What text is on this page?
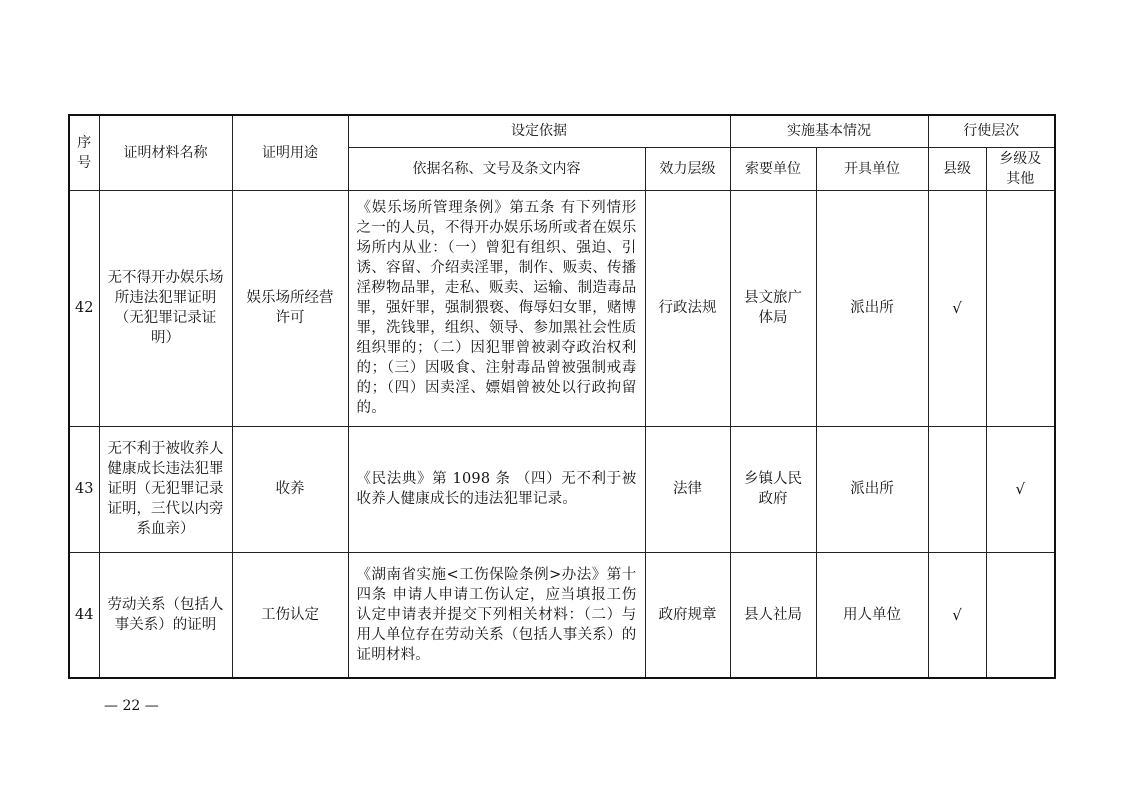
序号	证明材料名称	证明用途	设定依据		实施基本情况		行使层次	
			依据名称、文号及条文内容	效力层级	索要单位	开具单位	县级	乡级及
其他
42	无不得开办娱乐场所违法犯罪证明（无犯罪记录证明）	娱乐场所经营许可	《娱乐场所管理条例》第五条 有下列情形之一的人员，不得开办娱乐场所或者在娱乐场所内从业：（一）曾犯有组织、强迫、引诱、容留、介绍卖淫罪，制作、贩卖、传播淫秽物品罪，走私、贩卖、运输、制造毒品罪，强奸罪，强制猥亵、侮辱妇女罪，赌博罪，洗钱罪，组织、领导、参加黑社会性质组织罪的；（二）因犯罪曾被剥夺政治权利的；（三）因吸食、注射毒品曾被强制戒毒的；（四）因卖淫、嫖娼曾被处以行政拘留的。	行政法规	县文旅广体局	派出所	√	
43	无不利于被收养人健康成长违法犯罪证明（无犯罪记录证明，三代以内旁系血亲）	收养	《民法典》第 1098 条 （四）无不利于被收养人健康成长的违法犯罪记录。	法律	乡镇人民政府	派出所		√
44	劳动关系（包括人事关系）的证明	工伤认定	《湖南省实施<工伤保险条例>办法》第十四条 申请人申请工伤认定，应当填报工伤认定申请表并提交下列相关材料：（二）与用人单位存在劳动关系（包括人事关系）的证明材料。	政府规章	县人社局	用人单位	√	
— 22 —
